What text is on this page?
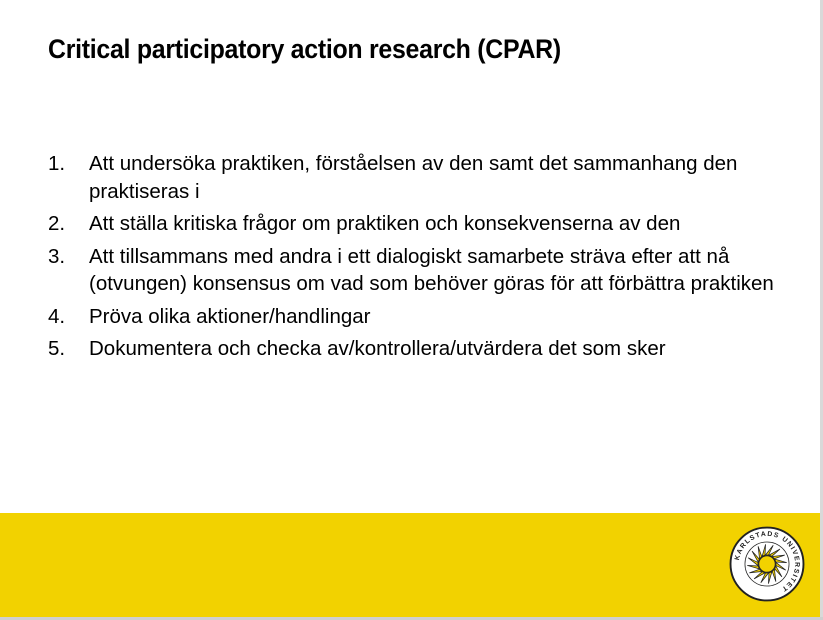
Critical participatory action research (CPAR)
1. Att undersöka praktiken, förståelsen av den samt det sammanhang den praktiseras i
2. Att ställa kritiska frågor om praktiken och konsekvenserna av den
3. Att tillsammans med andra i ett dialogiskt samarbete sträva efter att nå (otvungen) konsensus om vad som behöver göras för att förbättra praktiken
4. Pröva olika aktioner/handlingar
5. Dokumentera och checka av/kontrollera/utvärdera det som sker
KARLSTADS UNIVERSITET
